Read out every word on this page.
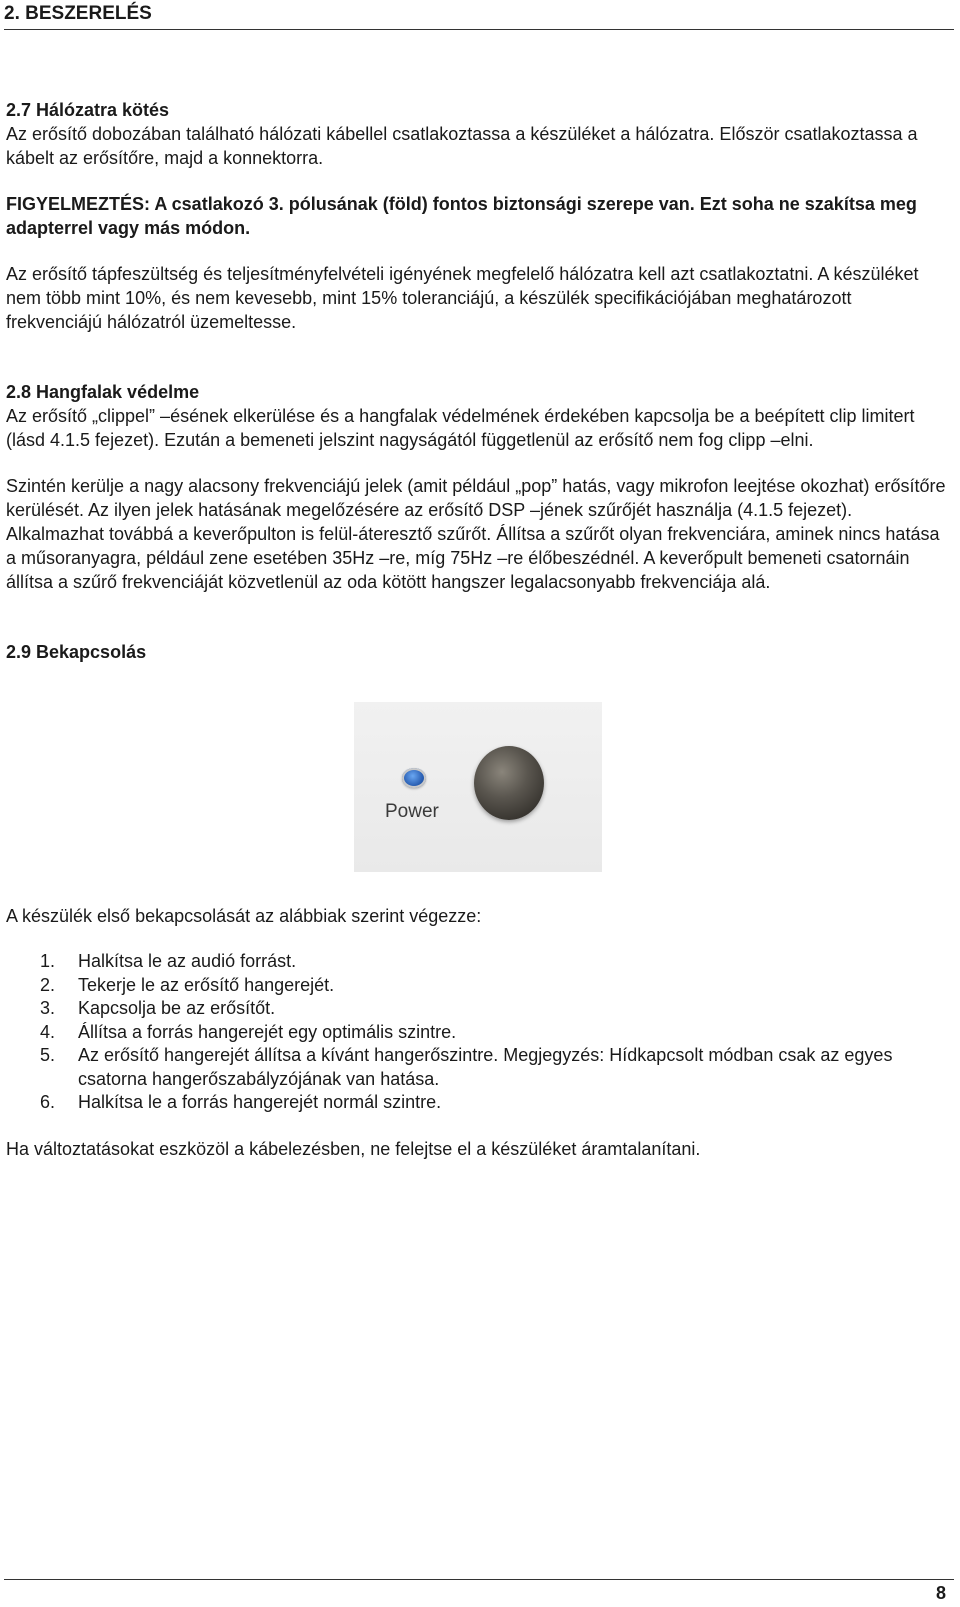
2. BESZERELÉS
2.7 Hálózatra kötés

Az erősítő dobozában található hálózati kábellel csatlakoztassa a készüléket a hálózatra. Először csatlakoztassa a kábelt az erősítőre, majd a konnektorra.

FIGYELMEZTÉS: A csatlakozó 3. pólusának (föld) fontos biztonsági szerepe van. Ezt soha ne szakítsa meg adapterrel vagy más módon.

Az erősítő tápfeszültség és teljesítményfelvételi igényének megfelelő hálózatra kell azt csatlakoztatni. A készüléket nem több mint 10%, és nem kevesebb, mint 15% toleranciájú, a készülék specifikációjában meghatározott frekvenciájú hálózatról üzemeltesse.

2.8 Hangfalak védelme

Az erősítő „clippel” –ésének elkerülése és a hangfalak védelmének érdekében kapcsolja be a beépített clip limitert (lásd 4.1.5 fejezet). Ezután a bemeneti jelszint nagyságától függetlenül az erősítő nem fog clipp –elni.

Szintén kerülje a nagy alacsony frekvenciájú jelek (amit például „pop” hatás, vagy mikrofon leejtése okozhat) erősítőre kerülését. Az ilyen jelek hatásának megelőzésére az erősítő DSP –jének szűrőjét használja (4.1.5 fejezet). Alkalmazhat továbbá a keverőpulton is felül-áteresztő szűrőt. Állítsa a szűrőt olyan frekvenciára, aminek nincs hatása a műsoranyagra, például zene esetében 35Hz –re, míg 75Hz –re élőbeszédnél. A keverőpult bemeneti csatornáin állítsa a szűrő frekvenciáját közvetlenül az oda kötött hangszer legalacsonyabb frekvenciája alá.

2.9 Bekapcsolás
Power

A készülék első bekapcsolását az alábbiak szerint végezze:

1.	Halkítsa le az audió forrást.
2.	Tekerje le az erősítő hangerejét.
3.	Kapcsolja be az erősítőt.
4.	Állítsa a forrás hangerejét egy optimális szintre.
5.	Az erősítő hangerejét állítsa a kívánt hangerőszintre. Megjegyzés: Hídkapcsolt módban csak az egyes csatorna hangerőszabályzójának van hatása.
6.	Halkítsa le a forrás hangerejét normál szintre.

Ha változtatásokat eszközöl a kábelezésben, ne felejtse el a készüléket áramtalanítani.

8
